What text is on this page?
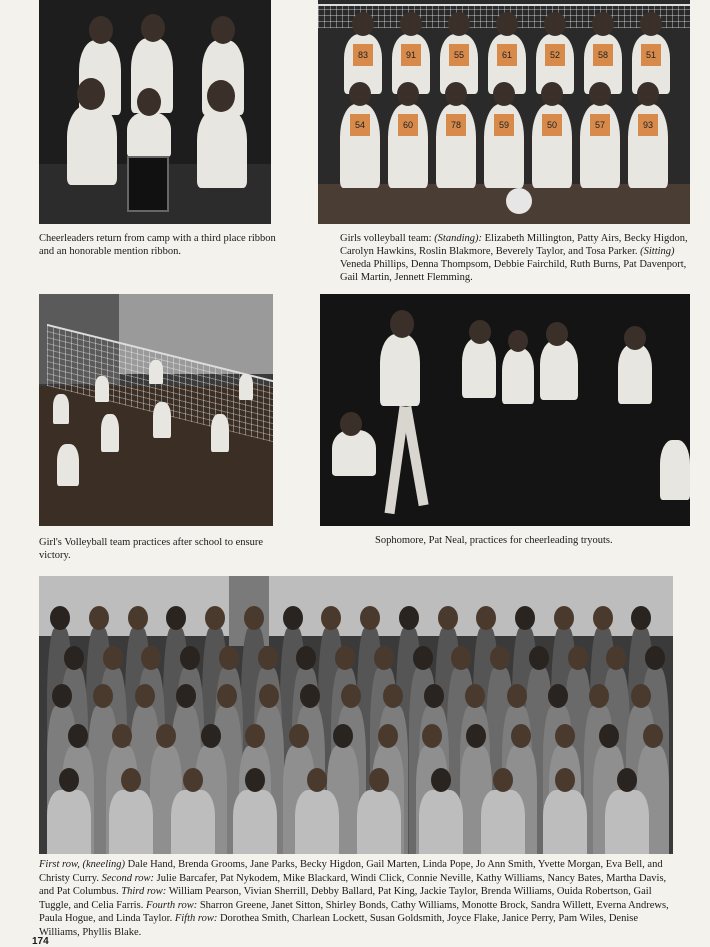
Cheerleaders return from camp with a third place ribbon and an honorable mention ribbon.
83	91	55	61	52	58	51
54	60	78	59	50	57	93
Girls volleyball team: (Standing): Elizabeth Millington, Patty Airs, Becky Higdon, Carolyn Hawkins, Roslin Blakmore, Beverely Taylor, and Tosa Parker. (Sitting) Veneda Phillips, Denna Thompsom, Debbie Fairchild, Ruth Burns, Pat Davenport, Gail Martin, Jennett Flemming.
Girl's Volleyball team practices after school to ensure victory.
Sophomore, Pat Neal, practices for cheerleading tryouts.
First row, (kneeling) Dale Hand, Brenda Grooms, Jane Parks, Becky Higdon, Gail Marten, Linda Pope, Jo Ann Smith, Yvette Morgan, Eva Bell, and Christy Curry. Second row: Julie Barcafer, Pat Nykodem, Mike Blackard, Windi Click, Connie Neville, Kathy Williams, Nancy Bates, Martha Davis, and Pat Columbus. Third row: William Pearson, Vivian Sherrill, Debby Ballard, Pat King, Jackie Taylor, Brenda Williams, Ouida Robertson, Gail Tuggle, and Celia Farris. Fourth row: Sharron Greene, Janet Sitton, Shirley Bonds, Cathy Williams, Monotte Brock, Sandra Willett, Everna Andrews, Paula Hogue, and Linda Taylor. Fifth row: Dorothea Smith, Charlean Lockett, Susan Goldsmith, Joyce Flake, Janice Perry, Pam Wiles, Denise Williams, Phyllis Blake.
174
